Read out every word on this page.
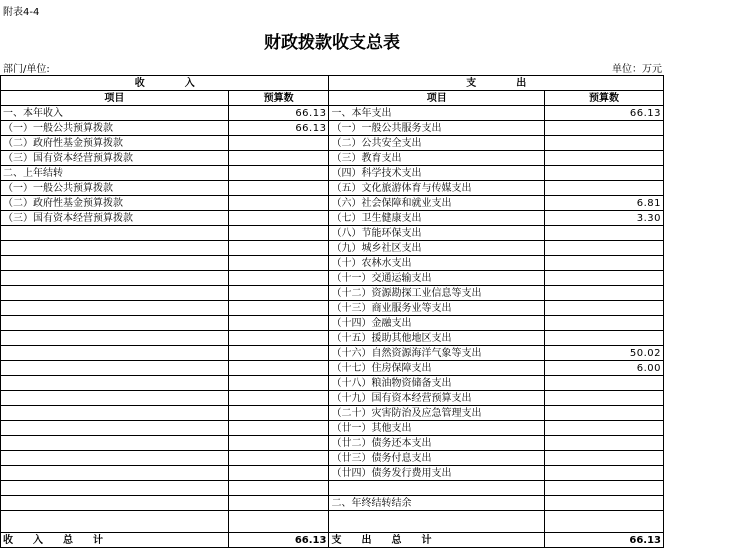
附表4-4
财政拨款收支总表
部门/单位:	单位：万元
收　　　　入		支　　　　出	
项目	预算数	项目	预算数
一、本年收入	66.13	一、本年支出	66.13
（一）一般公共预算拨款	66.13	（一）一般公共服务支出	
（二）政府性基金预算拨款		（二）公共安全支出	
（三）国有资本经营预算拨款		（三）教育支出	
二、上年结转		（四）科学技术支出	
（一）一般公共预算拨款		（五）文化旅游体育与传媒支出	
（二）政府性基金预算拨款		（六）社会保障和就业支出	6.81
（三）国有资本经营预算拨款		（七）卫生健康支出	3.30
		（八）节能环保支出	
		（九）城乡社区支出	
		（十）农林水支出	
		（十一）交通运输支出	
		（十二）资源勘探工业信息等支出	
		（十三）商业服务业等支出	
		（十四）金融支出	
		（十五）援助其他地区支出	
		（十六）自然资源海洋气象等支出	50.02
		（十七）住房保障支出	6.00
		（十八）粮油物资储备支出	
		（十九）国有资本经营预算支出	
		（二十）灾害防治及应急管理支出	
		（廿一）其他支出	
		（廿二）债务还本支出	
		（廿三）债务付息支出	
		（廿四）债务发行费用支出	

		二、年终结转结余	

收　　入　　总　　计	66.13	支　　出　　总　　计	66.13
